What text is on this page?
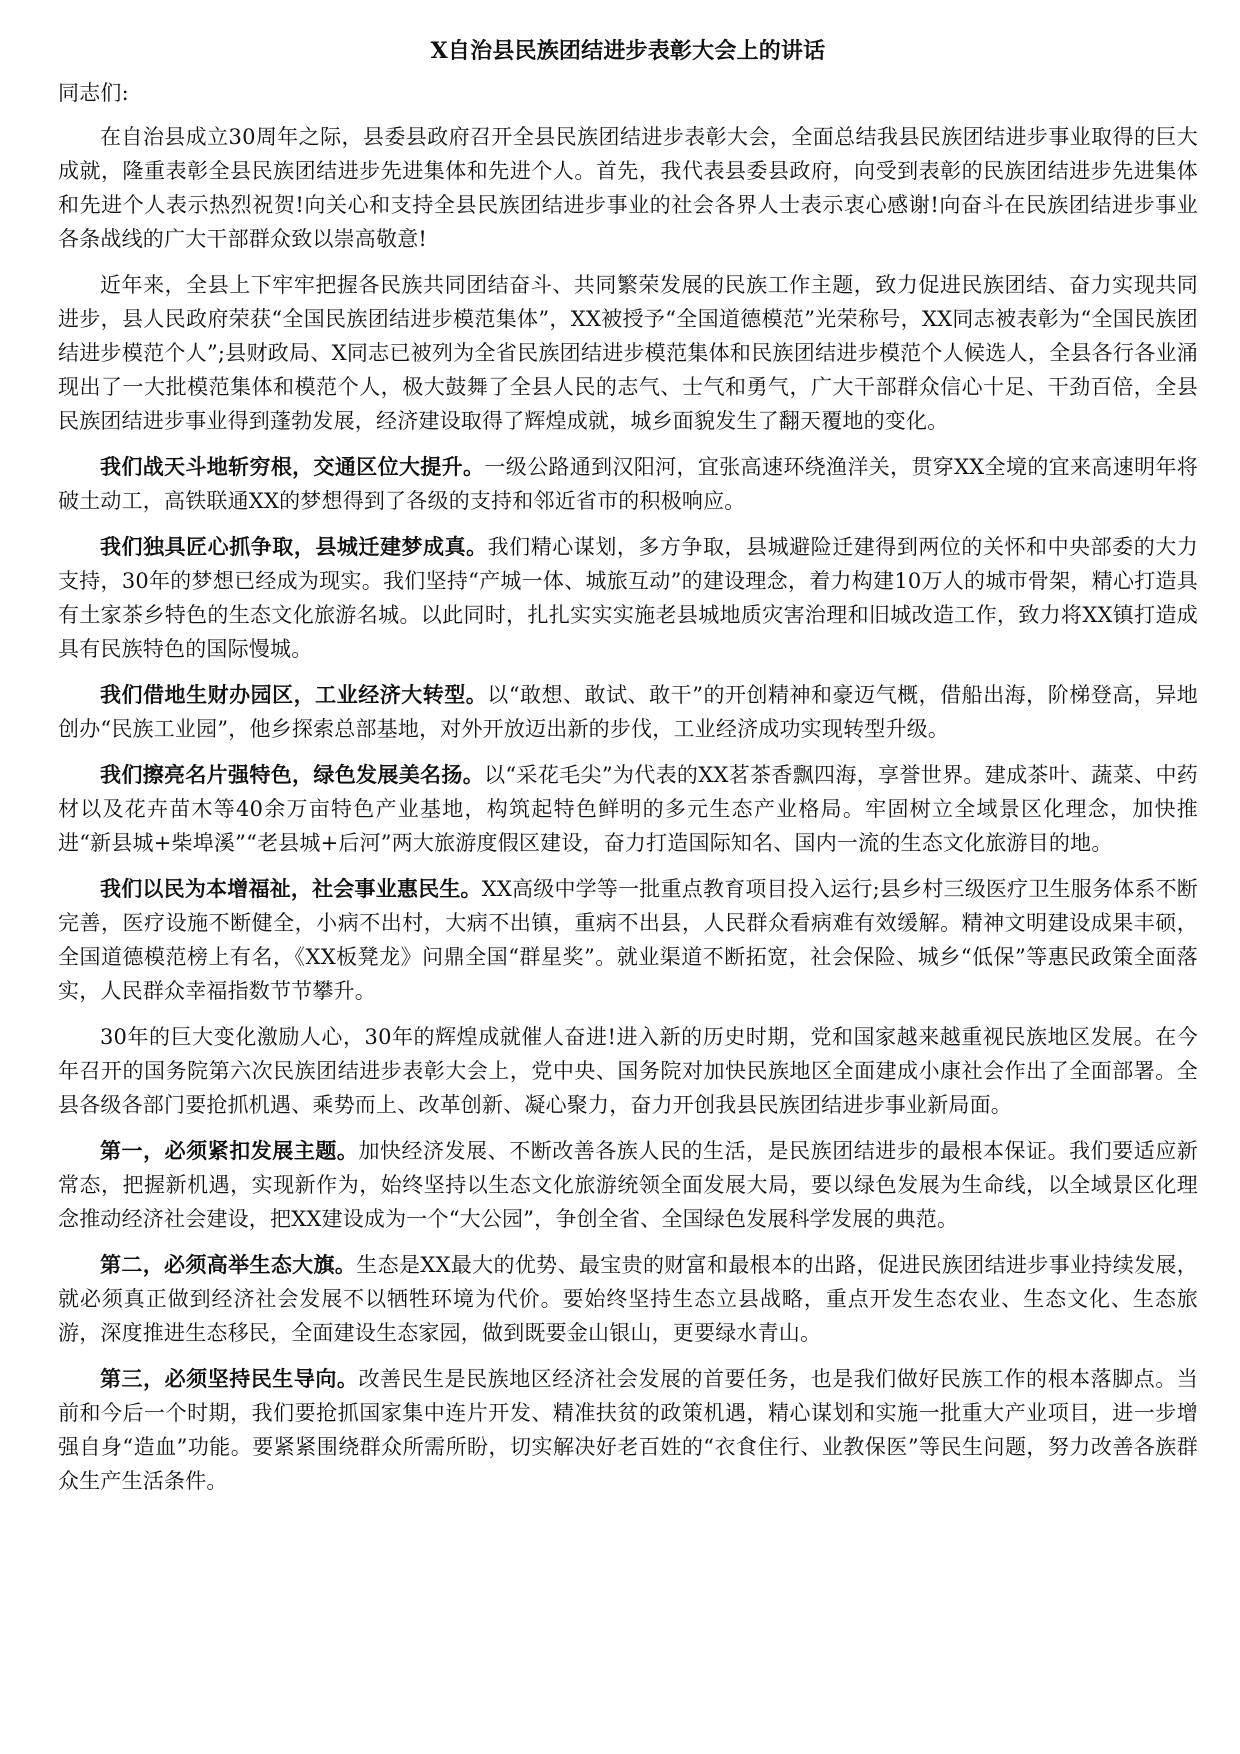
X自治县民族团结进步表彰大会上的讲话
同志们:

在自治县成立30周年之际，县委县政府召开全县民族团结进步表彰大会，全面总结我县民族团结进步事业取得的巨大成就，隆重表彰全县民族团结进步先进集体和先进个人。首先，我代表县委县政府，向受到表彰的民族团结进步先进集体和先进个人表示热烈祝贺!向关心和支持全县民族团结进步事业的社会各界人士表示衷心感谢!向奋斗在民族团结进步事业各条战线的广大干部群众致以崇高敬意!

近年来，全县上下牢牢把握各民族共同团结奋斗、共同繁荣发展的民族工作主题，致力促进民族团结、奋力实现共同进步，县人民政府荣获“全国民族团结进步模范集体”，XX被授予“全国道德模范”光荣称号，XX同志被表彰为“全国民族团结进步模范个人”;县财政局、X同志已被列为全省民族团结进步模范集体和民族团结进步模范个人候选人，全县各行各业涌现出了一大批模范集体和模范个人，极大鼓舞了全县人民的志气、士气和勇气，广大干部群众信心十足、干劲百倍，全县民族团结进步事业得到蓬勃发展，经济建设取得了辉煌成就，城乡面貌发生了翻天覆地的变化。

我们战天斗地斩穷根，交通区位大提升。一级公路通到汉阳河，宜张高速环绕渔洋关，贯穿XX全境的宜来高速明年将破土动工，高铁联通XX的梦想得到了各级的支持和邻近省市的积极响应。

我们独具匠心抓争取，县城迁建梦成真。我们精心谋划，多方争取，县城避险迁建得到两位的关怀和中央部委的大力支持，30年的梦想已经成为现实。我们坚持“产城一体、城旅互动”的建设理念，着力构建10万人的城市骨架，精心打造具有土家茶乡特色的生态文化旅游名城。以此同时，扎扎实实实施老县城地质灾害治理和旧城改造工作，致力将XX镇打造成具有民族特色的国际慢城。

我们借地生财办园区，工业经济大转型。以“敢想、敢试、敢干”的开创精神和豪迈气概，借船出海，阶梯登高，异地创办“民族工业园”，他乡探索总部基地，对外开放迈出新的步伐，工业经济成功实现转型升级。

我们擦亮名片强特色，绿色发展美名扬。以“采花毛尖”为代表的XX茗茶香飘四海，享誉世界。建成茶叶、蔬菜、中药材以及花卉苗木等40余万亩特色产业基地，构筑起特色鲜明的多元生态产业格局。牢固树立全域景区化理念，加快推进“新县城+柴埠溪”“老县城+后河”两大旅游度假区建设，奋力打造国际知名、国内一流的生态文化旅游目的地。

我们以民为本增福祉，社会事业惠民生。XX高级中学等一批重点教育项目投入运行;县乡村三级医疗卫生服务体系不断完善，医疗设施不断健全，小病不出村，大病不出镇，重病不出县，人民群众看病难有效缓解。精神文明建设成果丰硕，全国道德模范榜上有名，《XX板凳龙》问鼎全国“群星奖”。就业渠道不断拓宽，社会保险、城乡“低保”等惠民政策全面落实，人民群众幸福指数节节攀升。

30年的巨大变化激励人心，30年的辉煌成就催人奋进!进入新的历史时期，党和国家越来越重视民族地区发展。在今年召开的国务院第六次民族团结进步表彰大会上，党中央、国务院对加快民族地区全面建成小康社会作出了全面部署。全县各级各部门要抢抓机遇、乘势而上、改革创新、凝心聚力，奋力开创我县民族团结进步事业新局面。

第一，必须紧扣发展主题。加快经济发展、不断改善各族人民的生活，是民族团结进步的最根本保证。我们要适应新常态，把握新机遇，实现新作为，始终坚持以生态文化旅游统领全面发展大局，要以绿色发展为生命线，以全域景区化理念推动经济社会建设，把XX建设成为一个“大公园”，争创全省、全国绿色发展科学发展的典范。

第二，必须高举生态大旗。生态是XX最大的优势、最宝贵的财富和最根本的出路，促进民族团结进步事业持续发展，就必须真正做到经济社会发展不以牺牲环境为代价。要始终坚持生态立县战略，重点开发生态农业、生态文化、生态旅游，深度推进生态移民，全面建设生态家园，做到既要金山银山，更要绿水青山。

第三，必须坚持民生导向。改善民生是民族地区经济社会发展的首要任务，也是我们做好民族工作的根本落脚点。当前和今后一个时期，我们要抢抓国家集中连片开发、精准扶贫的政策机遇，精心谋划和实施一批重大产业项目，进一步增强自身“造血”功能。要紧紧围绕群众所需所盼，切实解决好老百姓的“衣食住行、业教保医”等民生问题，努力改善各族群众生产生活条件。
